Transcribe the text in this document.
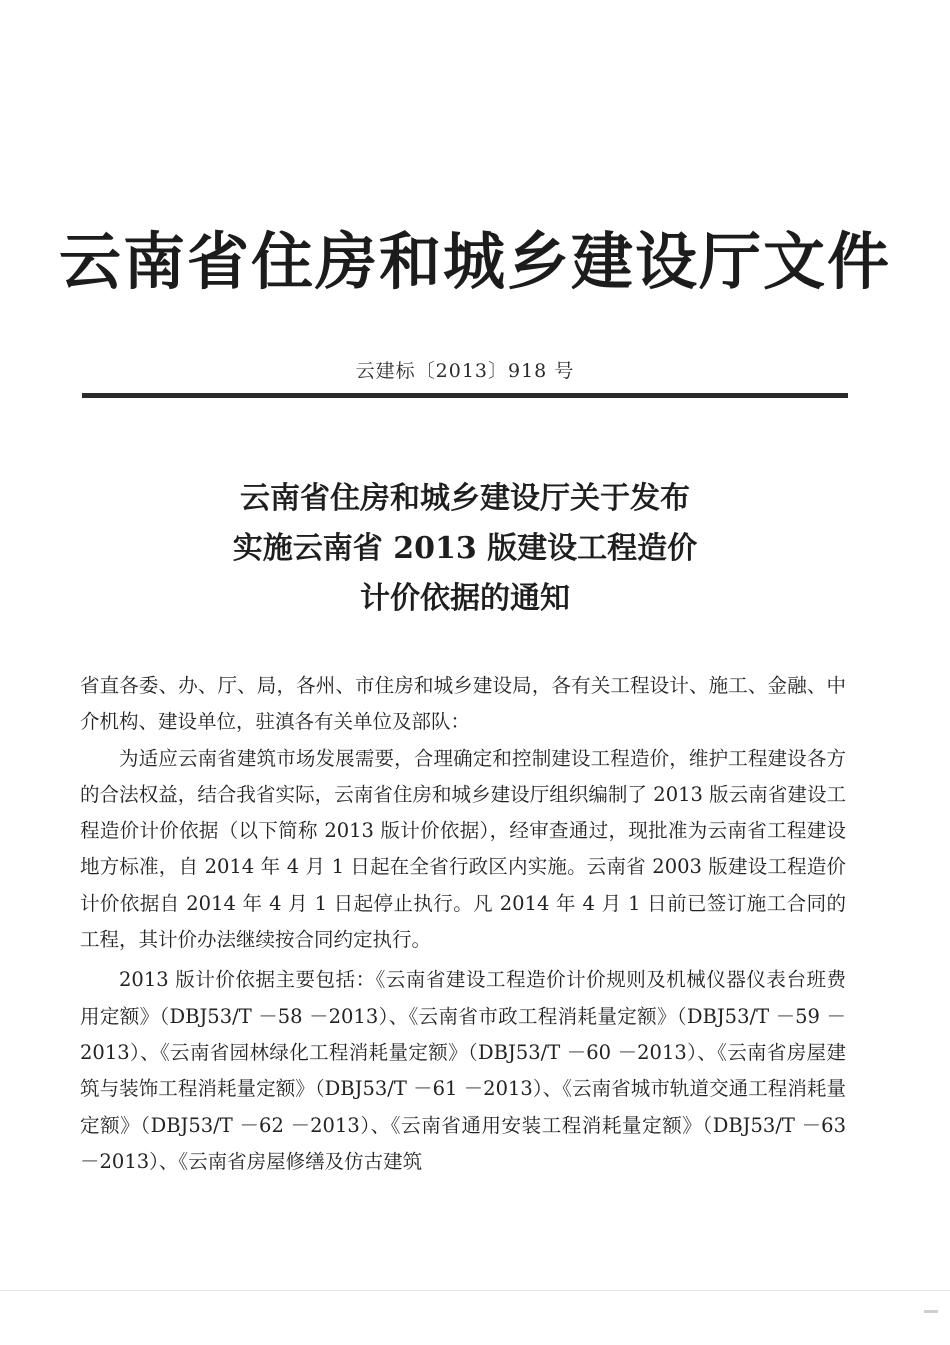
云南省住房和城乡建设厅文件
云建标〔2013〕918 号
云南省住房和城乡建设厅关于发布
实施云南省 2013 版建设工程造价
计价依据的通知

省直各委、办、厅、局，各州、市住房和城乡建设局，各有关工程设计、施工、金融、中介机构、建设单位，驻滇各有关单位及部队：

为适应云南省建筑市场发展需要，合理确定和控制建设工程造价，维护工程建设各方的合法权益，结合我省实际，云南省住房和城乡建设厅组织编制了 2013 版云南省建设工程造价计价依据（以下简称 2013 版计价依据），经审查通过，现批准为云南省工程建设地方标准，自 2014 年 4 月 1 日起在全省行政区内实施。云南省 2003 版建设工程造价计价依据自 2014 年 4 月 1 日起停止执行。凡 2014 年 4 月 1 日前已签订施工合同的工程，其计价办法继续按合同约定执行。

2013 版计价依据主要包括：《云南省建设工程造价计价规则及机械仪器仪表台班费用定额》（DBJ53/T －58 －2013）、《云南省市政工程消耗量定额》（DBJ53/T －59 －2013）、《云南省园林绿化工程消耗量定额》（DBJ53/T －60 －2013）、《云南省房屋建筑与装饰工程消耗量定额》（DBJ53/T －61 －2013）、《云南省城市轨道交通工程消耗量定额》（DBJ53/T －62 －2013）、《云南省通用安装工程消耗量定额》（DBJ53/T －63 －2013）、《云南省房屋修缮及仿古建筑
